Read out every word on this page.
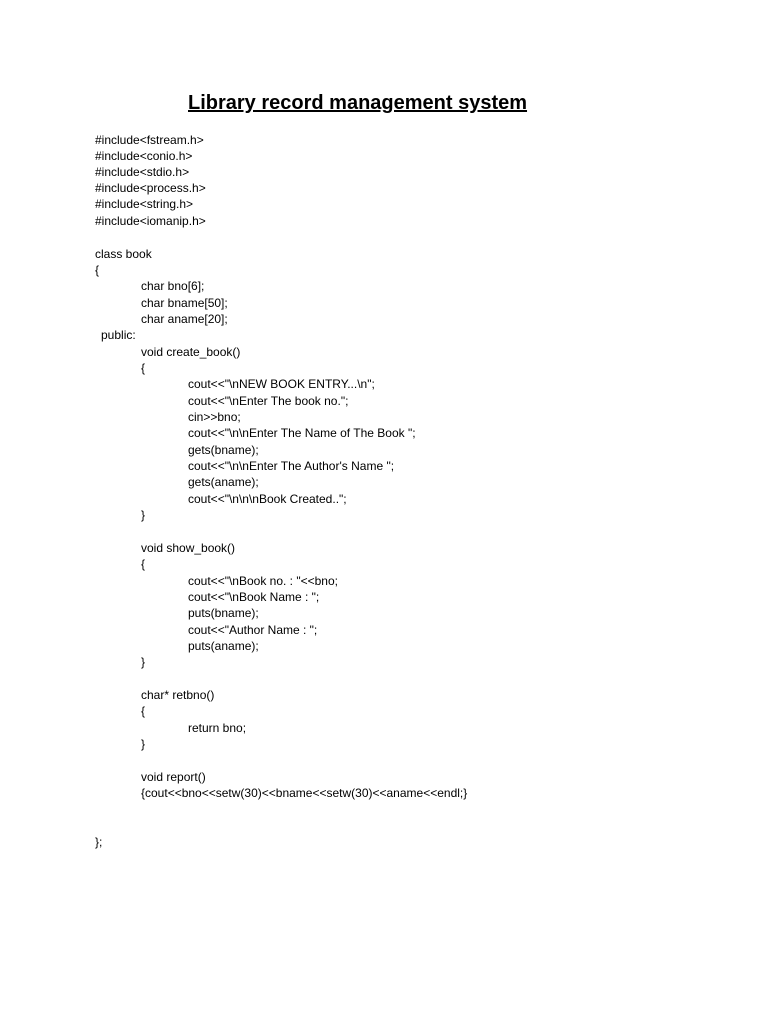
Library record management system
#include<fstream.h>
#include<conio.h>
#include<stdio.h>
#include<process.h>
#include<string.h>
#include<iomanip.h>
class book
{
char bno[6];
char bname[50];
char aname[20];
public:
void create_book()
{
cout<<"\nNEW BOOK ENTRY...\n";
cout<<"\nEnter The book no.";
cin>>bno;
cout<<"\n\nEnter The Name of The Book ";
gets(bname);
cout<<"\n\nEnter The Author's Name ";
gets(aname);
cout<<"\n\n\nBook Created..";
}
void show_book()
{
cout<<"\nBook no. : "<<bno;
cout<<"\nBook Name : ";
puts(bname);
cout<<"Author Name : ";
puts(aname);
}
char* retbno()
{
return bno;
}
void report()
{cout<<bno<<setw(30)<<bname<<setw(30)<<aname<<endl;}
};
